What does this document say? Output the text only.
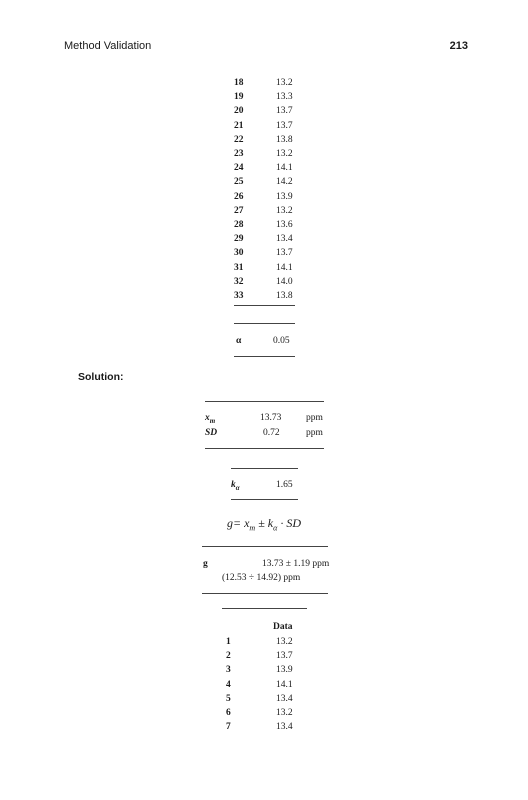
Method Validation	213
18	13.2
19	13.3
20	13.7
21	13.7
22	13.8
23	13.2
24	14.1
25	14.2
26	13.9
27	13.2
28	13.6
29	13.4
30	13.7
31	14.1
32	14.0
33	13.8
α	0.05
Solution:
$x_m$	13.73	ppm
SD	0.72	ppm
$k_\alpha$	1.65
$g= x_m \pm k_\alpha$ · SD
g	13.73 ± 1.19 ppm
(12.53 ÷ 14.92) ppm
Data
1	13.2
2	13.7
3	13.9
4	14.1
5	13.4
6	13.2
7	13.4
